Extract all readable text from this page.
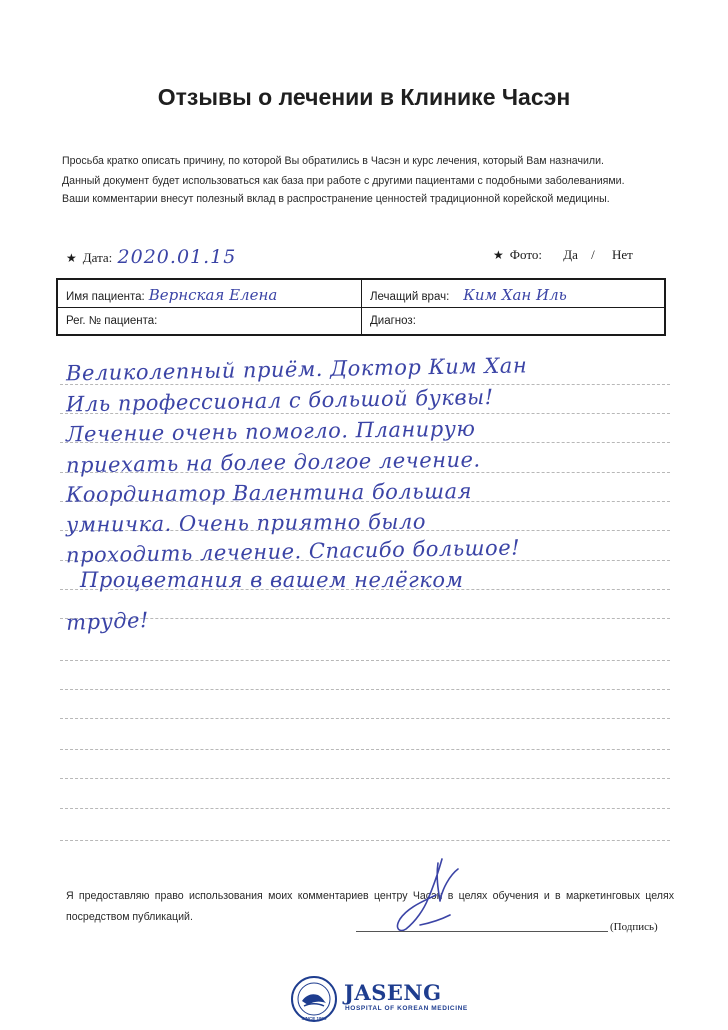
Отзывы о лечении в Клинике Часэн
Просьба кратко описать причину, по которой Вы обратились в Часэн и курс лечения, который Вам назначили.
Данный документ будет использоваться как база при работе с другими пациентами с подобными заболеваниями.
Ваши комментарии внесут полезный вклад в распространение ценностей традиционной корейской медицины.
★ Дата: 2020.01.15	★ Фото: Да / Нет
Имя пациента: Вернская Елена	Лечащий врач: Ким Хан Иль
Рег. № пациента:	Диагноз:
Великолепный приём. Доктор Ким Хан
Иль профессионал с большой буквы!
Лечение очень помогло. Планирую
приехать на более долгое лечение.
Координатор Валентина большая
умничка. Очень приятно было
проходить лечение. Спасибо большое!
Процветания в вашем нелёгком
труде!
Я предоставляю право использования моих комментариев центру Часэн в целях обучения и в маркетинговых целях посредством публикаций.
(Подпись)
SINCE 1990
JASENG
HOSPITAL OF KOREAN MEDICINE
